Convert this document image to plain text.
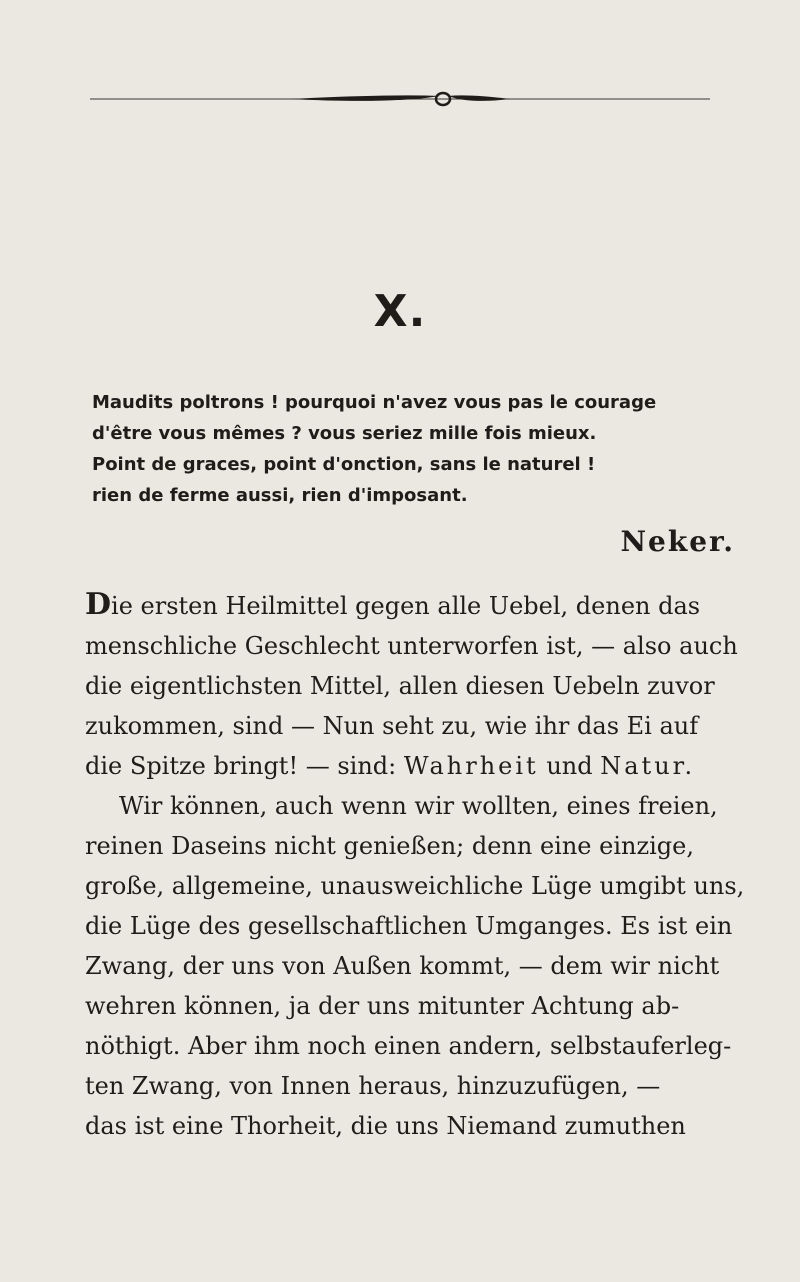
X.
Maudits poltrons ! pourquoi n'avez vous pas le courage
d'être vous mêmes ? vous seriez mille fois mieux.
Point de graces, point d'onction, sans le naturel !
rien de ferme aussi, rien d'imposant.
Neker.
Die ersten Heilmittel gegen alle Uebel, denen das
menschliche Geschlecht unterworfen ist, — also auch
die eigentlichsten Mittel, allen diesen Uebeln zuvor
zukommen, sind — Nun seht zu, wie ihr das Ei auf
die Spitze bringt! — sind: Wahrheit und Natur.
Wir können, auch wenn wir wollten, eines freien,
reinen Daseins nicht genießen; denn eine einzige,
große, allgemeine, unausweichliche Lüge umgibt uns,
die Lüge des gesellschaftlichen Umganges. Es ist ein
Zwang, der uns von Außen kommt, — dem wir nicht
wehren können, ja der uns mitunter Achtung ab-
nöthigt. Aber ihm noch einen andern, selbstauferleg-
ten Zwang, von Innen heraus, hinzuzufügen, —
das ist eine Thorheit, die uns Niemand zumuthen
